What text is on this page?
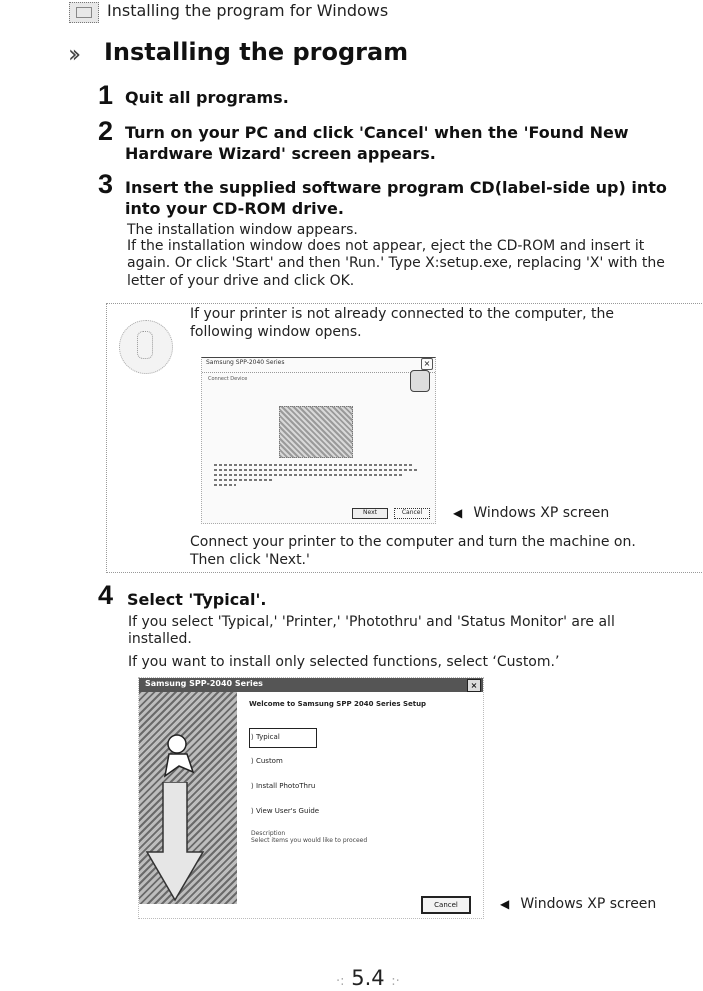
Installing the program for Windows
›› Installing the program
1 Quit all programs.
2 Turn on your PC and click 'Cancel' when the 'Found New
Hardware Wizard' screen appears.
3 Insert the supplied software program CD(label-side up) into
into your CD-ROM drive.
The installation window appears.
If the installation window does not appear, eject the CD-ROM and insert it
again. Or click 'Start' and then 'Run.' Type X:setup.exe, replacing 'X' with the
letter of your drive and click OK.
If your printer is not already connected to the computer, the
following window opens.
Samsung SPP-2040 Series	×
Connect Device
Next	Cancel	◀ Windows XP screen
Connect your printer to the computer and turn the machine on.
Then click 'Next.'
4 Select 'Typical'.
If you select 'Typical,' 'Printer,' 'Photothru' and 'Status Monitor' are all
installed.
If you want to install only selected functions, select ‘Custom.’
Samsung SPP-2040 Series	×
Welcome to Samsung SPP 2040 Series Setup
⟩ Typical
⟩ Custom
⟩ Install PhotoThru
⟩ View User's Guide
Description
Select items you would like to proceed
Cancel	◀ Windows XP screen
·: 5.4 :·
